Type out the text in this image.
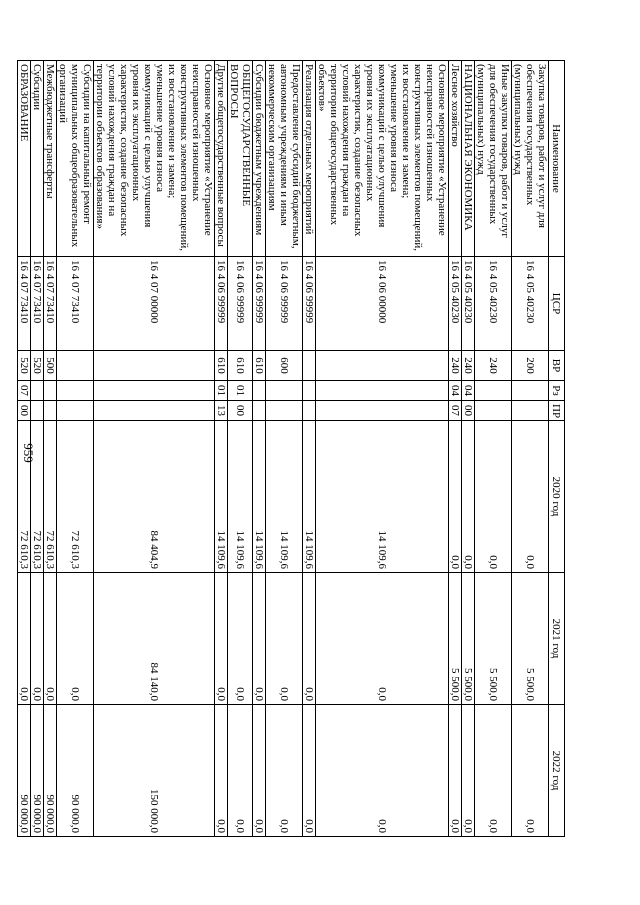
959
Наименование	ЦСР	ВР	Рз	ПР	2020 год	2021 год	2022 год
Закупка товаров, работ и услуг для обеспечения государственных (муниципальных) нужд	16 4 05 40230	200			0,0	5 500,0	0,0
Иные закупки товаров, работ и услуг для обеспечения государственных (муниципальных) нужд	16 4 05 40230	240			0,0	5 500,0	0,0
НАЦИОНАЛЬНАЯ ЭКОНОМИКА	16 4 05 40230	240	04	00	0,0	5 500,0	0,0
Лесное хозяйство	16 4 05 40230	240	04	07	0,0	5 500,0	0,0
Основное мероприятие «Устранение неисправностей изношенных конструктивных элементов помещений, их восстановление и замена; уменьшение уровня износа коммуникаций с целью улучшения уровня их эксплуатационных характеристик, создание безопасных условий нахождения граждан на территории общегосударственных объектов»	16 4 06 00000				14 109,6	0,0	0,0
Реализация отдельных мероприятий	16 4 06 99999				14 109,6	0,0	0,0
Предоставление субсидий бюджетным, автономным учреждениям и иным некоммерческим организациям	16 4 06 99999	600			14 109,6	0,0	0,0
Субсидии бюджетным учреждениям	16 4 06 99999	610			14 109,6	0,0	0,0
ОБЩЕГОСУДАРСТВЕННЫЕ ВОПРОСЫ	16 4 06 99999	610	01	00	14 109,6	0,0	0,0
Другие общегосударственные вопросы	16 4 06 99999	610	01	13	14 109,6	0,0	0,0
Основное мероприятие «Устранение неисправностей изношенных конструктивных элементов помещений, их восстановление и замена; уменьшение уровня износа коммуникаций с целью улучшения уровня их эксплуатационных характеристик, создание безопасных условий нахождения граждан на территории объектов образования»	16 4 07 00000				84 404,9	84 140,0	150 000,0
Субсидии на капитальный ремонт муниципальных общеобразовательных организаций	16 4 07 73410				72 610,3	0,0	90 000,0
Межбюджетные трансферты	16 4 07 73410	500			72 610,3	0,0	90 000,0
Субсидии	16 4 07 73410	520			72 610,3	0,0	90 000,0
ОБРАЗОВАНИЕ	16 4 07 73410	520	07	00	72 610,3	0,0	90 000,0
